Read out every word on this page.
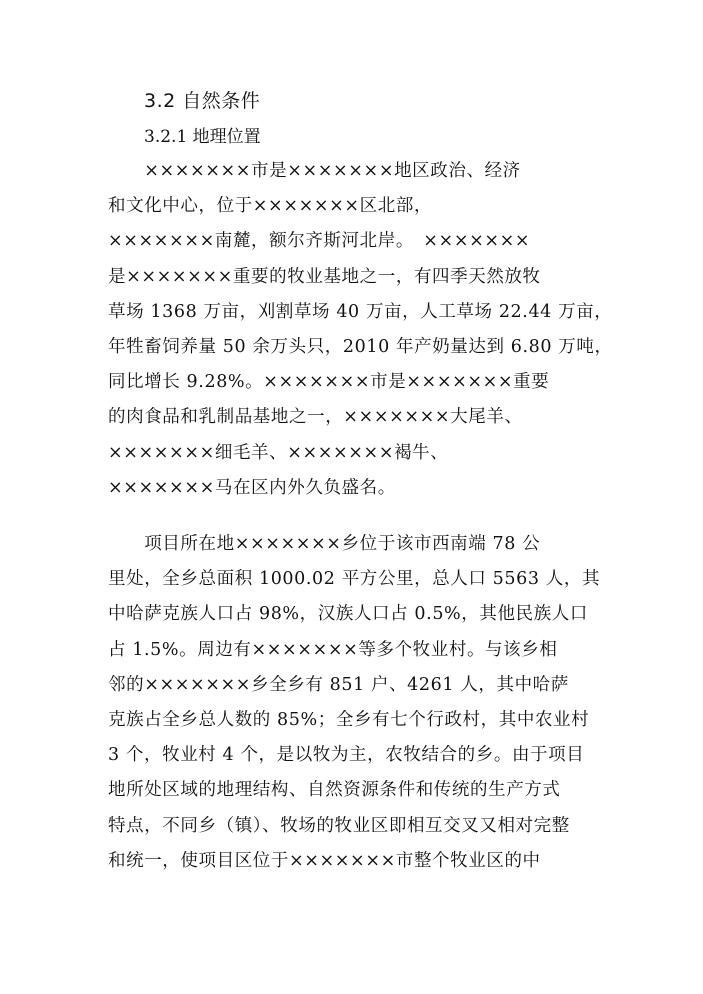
3.2 自然条件
3.2.1 地理位置
　　×××××××市是×××××××地区政治、经济
和文化中心，位于×××××××区北部，
×××××××南麓，额尔齐斯河北岸。　×××××××
是×××××××重要的牧业基地之一，有四季天然放牧
草场 1368 万亩，刈割草场 40 万亩，人工草场 22.44 万亩，
年牲畜饲养量 50 余万头只，2010 年产奶量达到 6.80 万吨，
同比增长 9.28%。×××××××市是×××××××重要
的肉食品和乳制品基地之一，×××××××大尾羊、
×××××××细毛羊、×××××××褐牛、
×××××××马在区内外久负盛名。
　　项目所在地×××××××乡位于该市西南端 78 公
里处，全乡总面积 1000.02 平方公里，总人口 5563 人，其
中哈萨克族人口占 98%，汉族人口占 0.5%，其他民族人口
占 1.5%。周边有×××××××等多个牧业村。与该乡相
邻的×××××××乡全乡有 851 户、4261 人，其中哈萨
克族占全乡总人数的 85%；全乡有七个行政村，其中农业村
3 个，牧业村 4 个，是以牧为主，农牧结合的乡。由于项目
地所处区域的地理结构、自然资源条件和传统的生产方式
特点，不同乡（镇）、牧场的牧业区即相互交叉又相对完整
和统一，使项目区位于×××××××市整个牧业区的中
